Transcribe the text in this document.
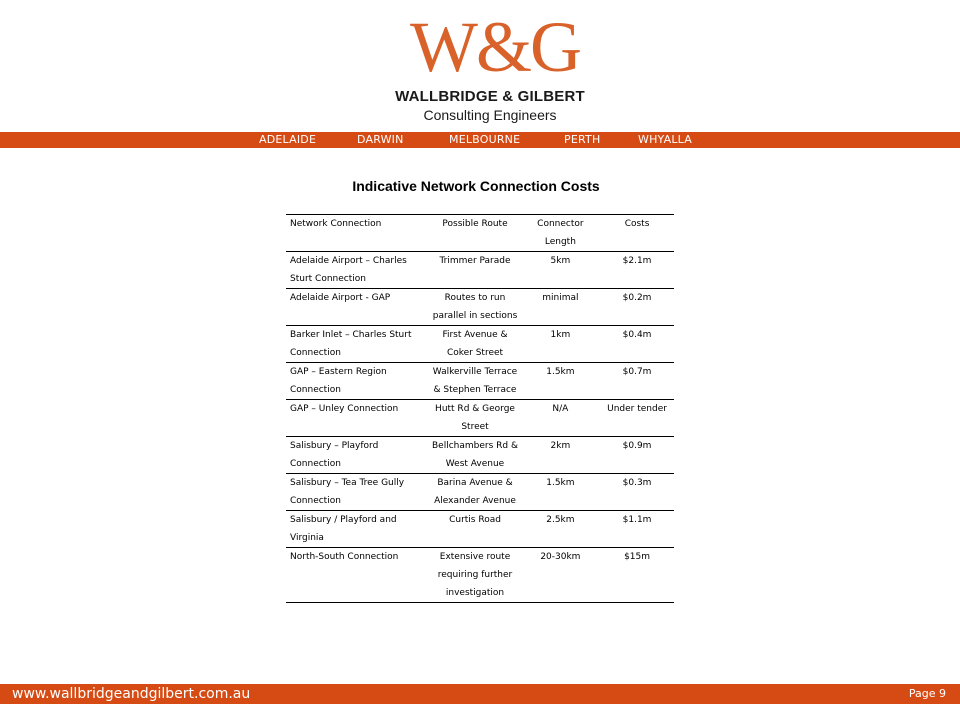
W&G
WALLBRIDGE & GILBERT
Consulting Engineers
ADELAIDE	DARWIN	MELBOURNE	PERTH	WHYALLA
Indicative Network Connection Costs
Network Connection	Possible Route	Connector Length	Costs
Adelaide Airport – Charles Sturt Connection	Trimmer Parade	5km	$2.1m
Adelaide Airport - GAP	Routes to run parallel in sections	minimal	$0.2m
Barker Inlet – Charles Sturt Connection	First Avenue & Coker Street	1km	$0.4m
GAP – Eastern Region Connection	Walkerville Terrace & Stephen Terrace	1.5km	$0.7m
GAP – Unley Connection	Hutt Rd & George Street	N/A	Under tender
Salisbury – Playford Connection	Bellchambers Rd & West Avenue	2km	$0.9m
Salisbury – Tea Tree Gully Connection	Barina Avenue & Alexander Avenue	1.5km	$0.3m
Salisbury / Playford and Virginia	Curtis Road	2.5km	$1.1m
North-South Connection	Extensive route requiring further investigation	20-30km	$15m
www.wallbridgeandgilbert.com.au	Page 9
